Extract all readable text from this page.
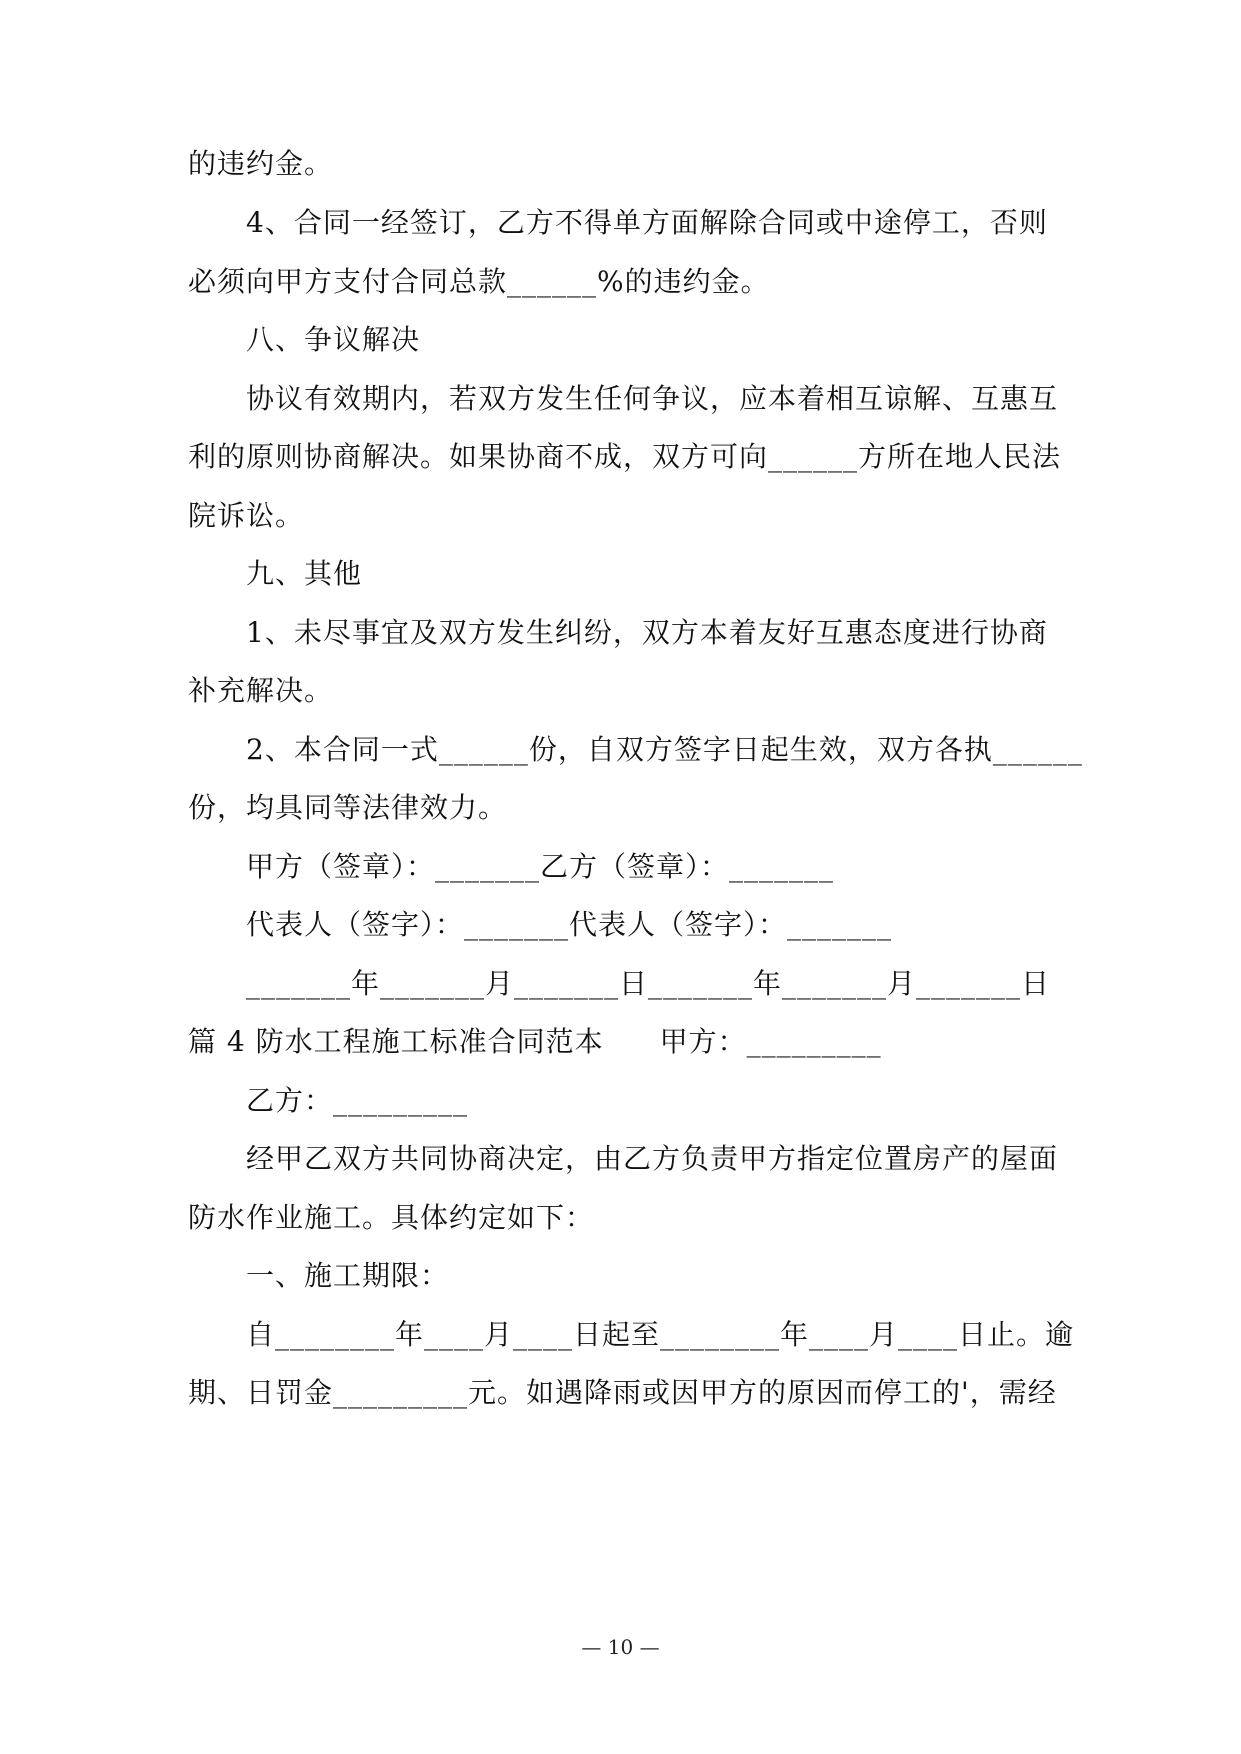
的违约金。
4、合同一经签订，乙方不得单方面解除合同或中途停工，否则
必须向甲方支付合同总款______%的违约金。
八、争议解决
协议有效期内，若双方发生任何争议，应本着相互谅解、互惠互
利的原则协商解决。如果协商不成，双方可向______方所在地人民法
院诉讼。
九、其他
1、未尽事宜及双方发生纠纷，双方本着友好互惠态度进行协商
补充解决。
2、本合同一式______份，自双方签字日起生效，双方各执______
份，均具同等法律效力。
甲方（签章）：_______乙方（签章）：_______
代表人（签字）：_______代表人（签字）：_______
_______年_______月_______日_______年_______月_______日
篇 4 防水工程施工标准合同范本 甲方：_________
乙方：_________
经甲乙双方共同协商决定，由乙方负责甲方指定位置房产的屋面
防水作业施工。具体约定如下：
一、施工期限：
自________年____月____日起至________年____月____日止。逾
期、日罚金_________元。如遇降雨或因甲方的原因而停工的'，需经
— 10 —
